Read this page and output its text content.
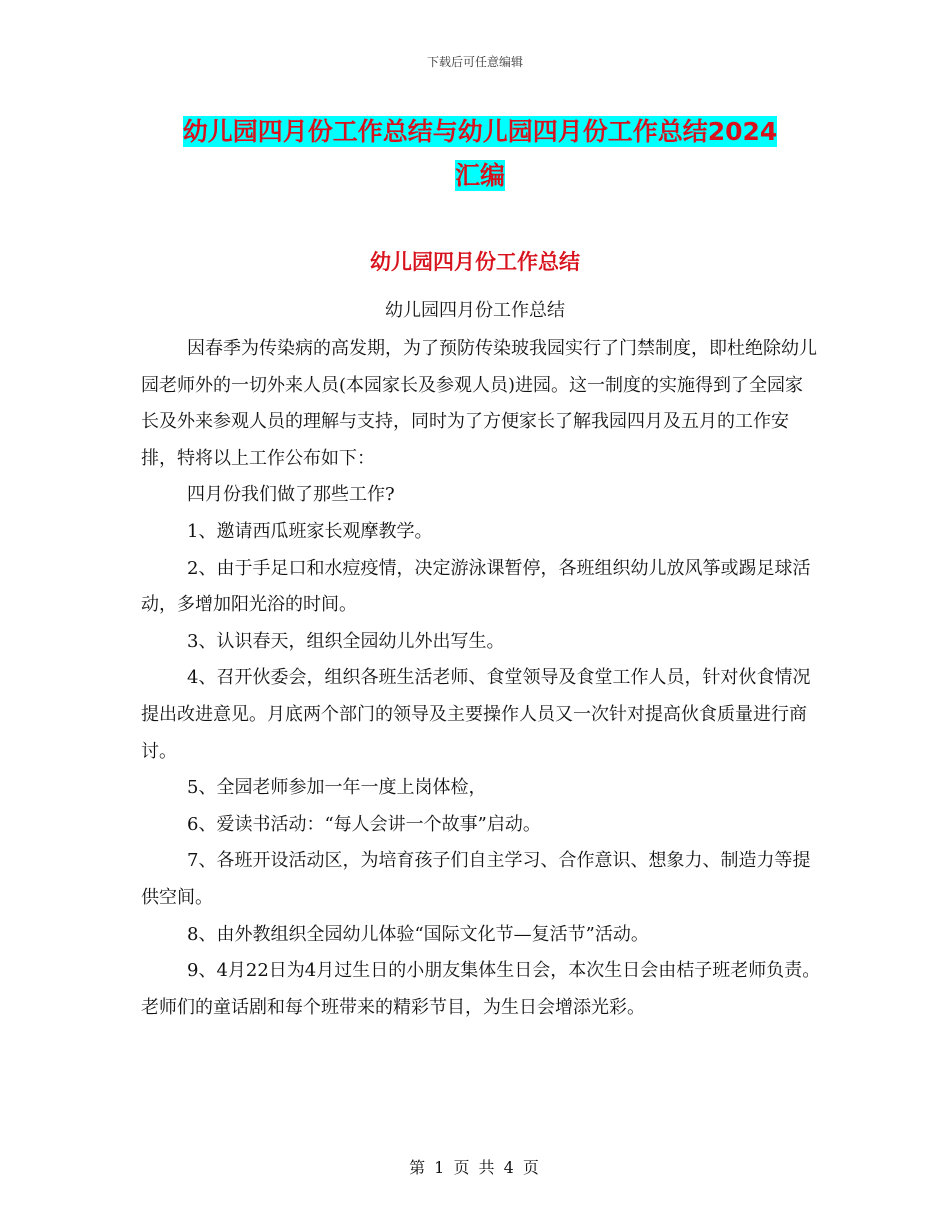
下载后可任意编辑
幼儿园四月份工作总结与幼儿园四月份工作总结2024
汇编
幼儿园四月份工作总结
幼儿园四月份工作总结

因春季为传染病的高发期，为了预防传染玻我园实行了门禁制度，即杜绝除幼儿园老师外的一切外来人员(本园家长及参观人员)进园。这一制度的实施得到了全园家长及外来参观人员的理解与支持，同时为了方便家长了解我园四月及五月的工作安排，特将以上工作公布如下：

四月份我们做了那些工作?

1、邀请西瓜班家长观摩教学。

2、由于手足口和水痘疫情，决定游泳课暂停，各班组织幼儿放风筝或踢足球活动，多增加阳光浴的时间。

3、认识春天，组织全园幼儿外出写生。

4、召开伙委会，组织各班生活老师、食堂领导及食堂工作人员，针对伙食情况提出改进意见。月底两个部门的领导及主要操作人员又一次针对提高伙食质量进行商讨。

5、全园老师参加一年一度上岗体检，

6、爱读书活动：“每人会讲一个故事”启动。

7、各班开设活动区，为培育孩子们自主学习、合作意识、想象力、制造力等提供空间。

8、由外教组织全园幼儿体验“国际文化节—复活节”活动。

9、4月22日为4月过生日的小朋友集体生日会，本次生日会由桔子班老师负责。老师们的童话剧和每个班带来的精彩节目，为生日会增添光彩。

第 1 页 共 4 页
